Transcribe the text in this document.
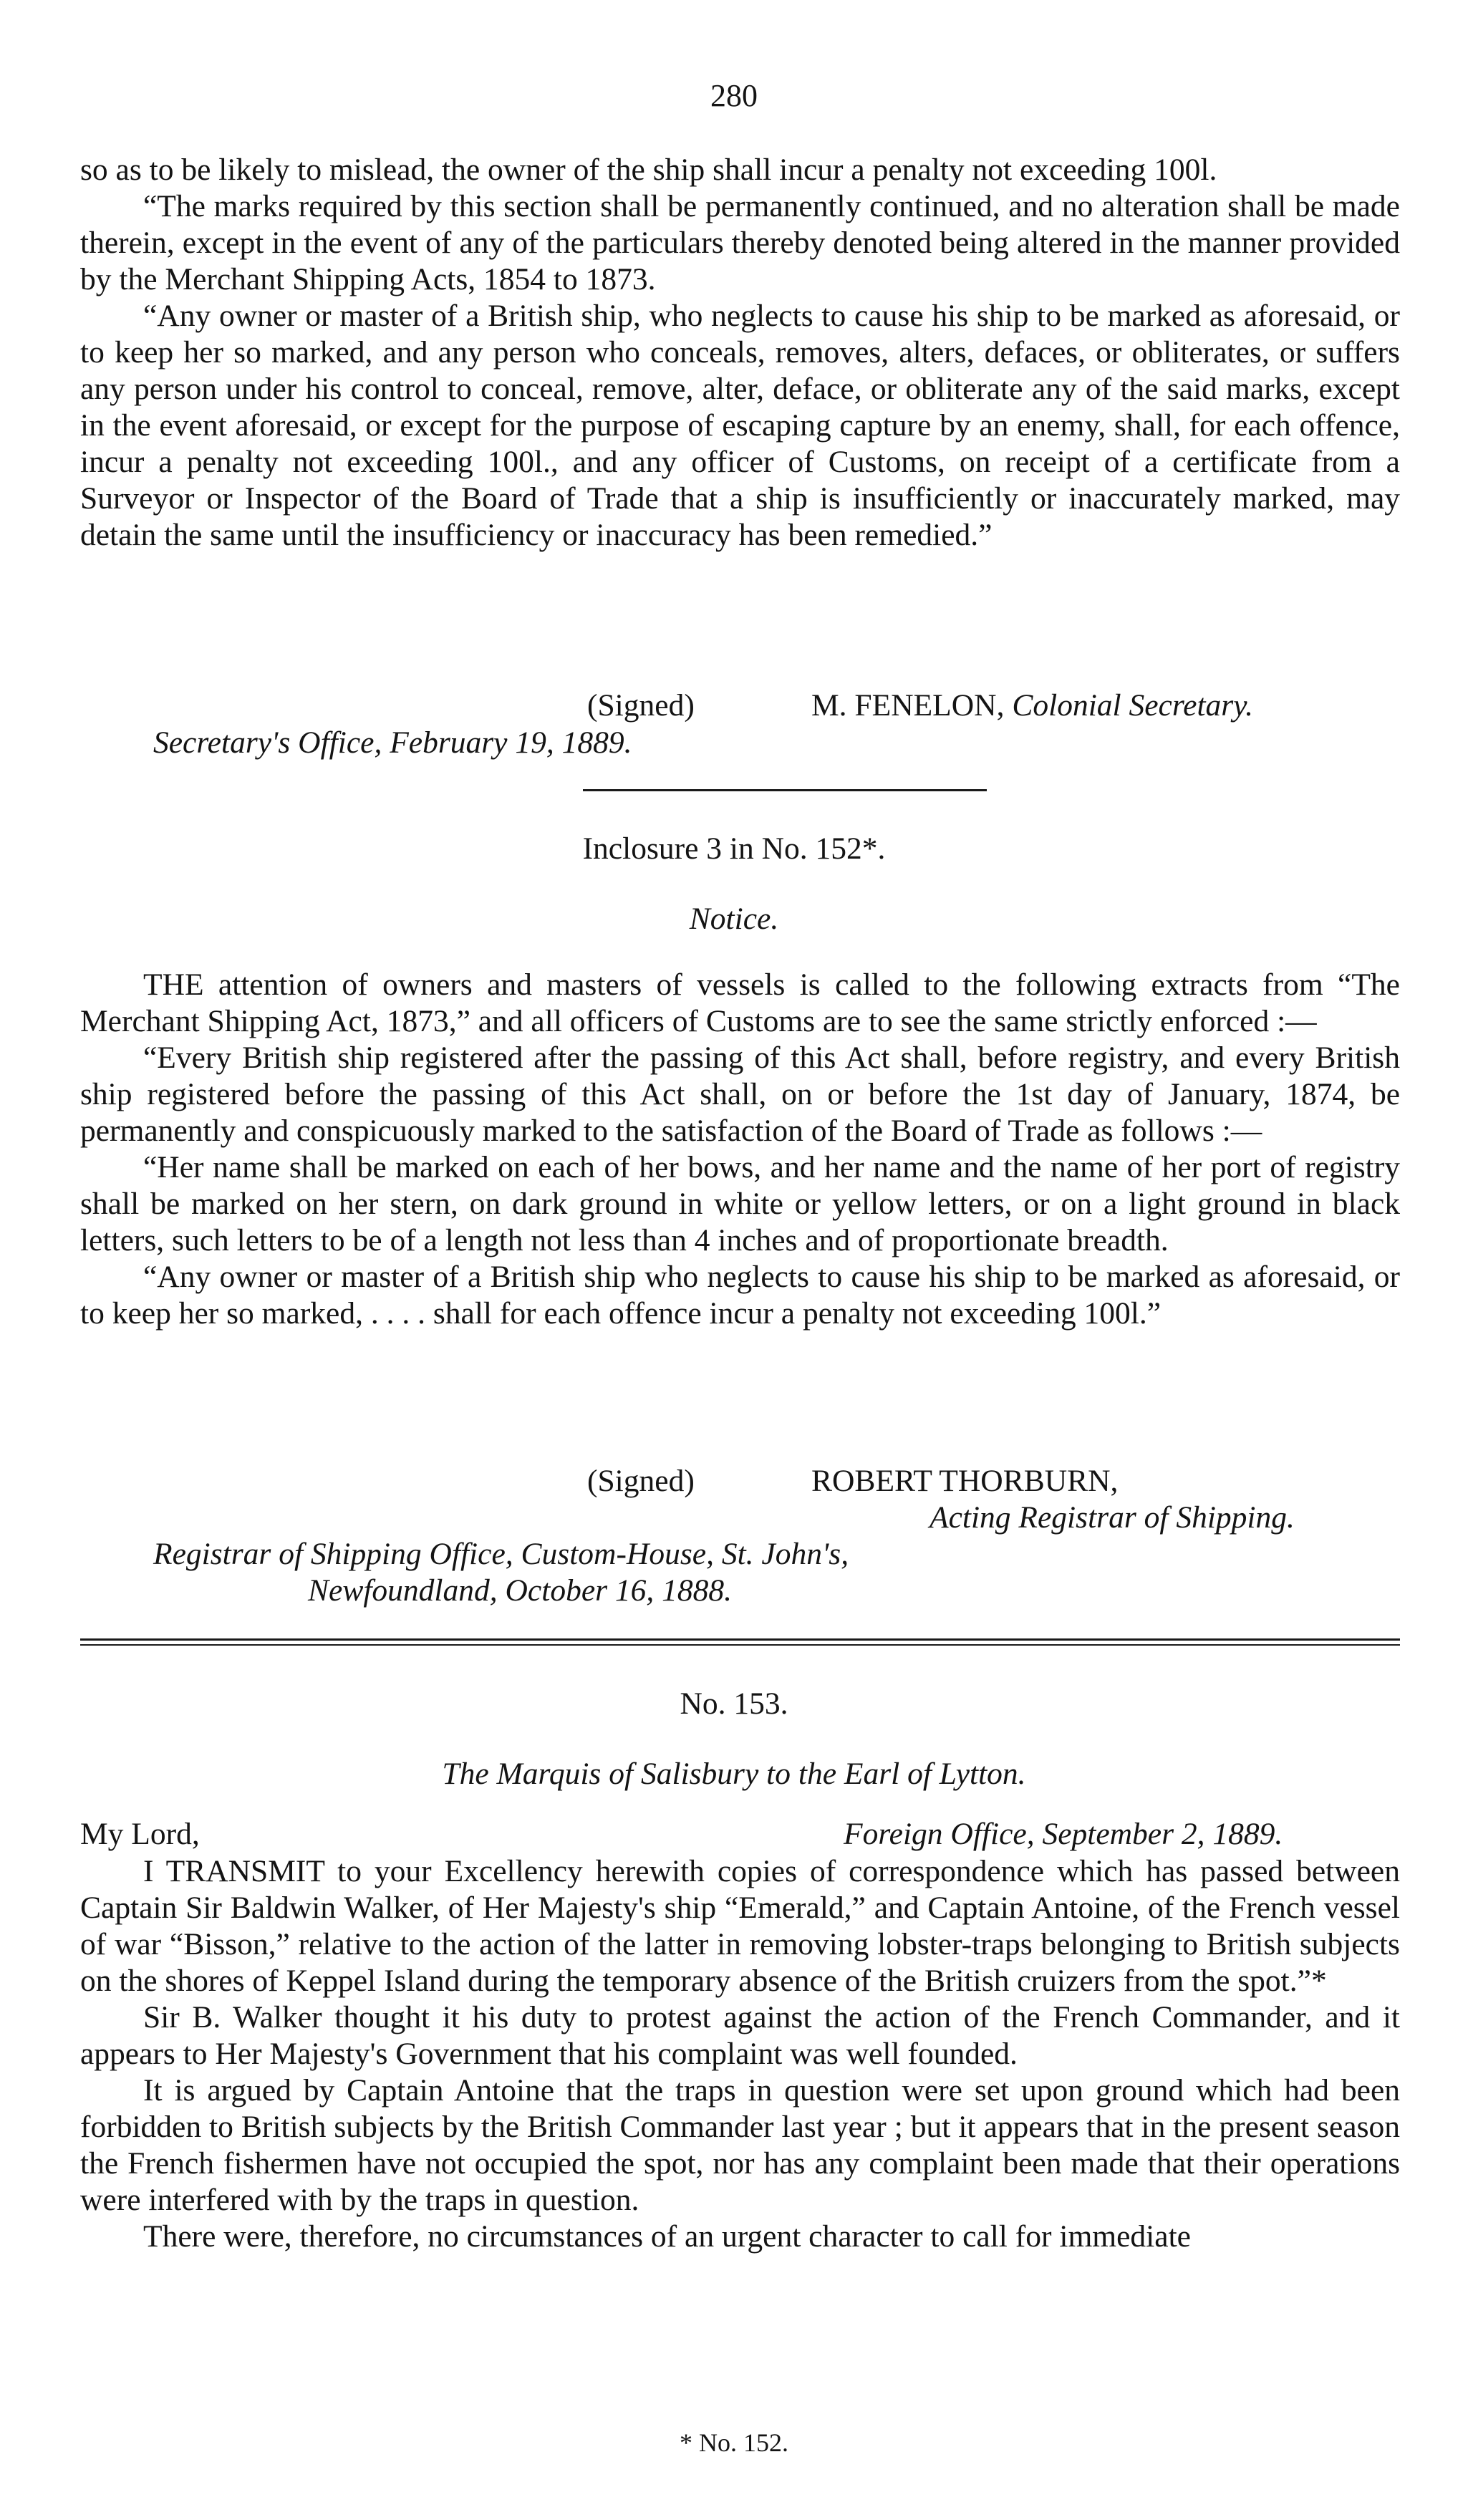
280

so as to be likely to mislead, the owner of the ship shall incur a penalty not exceeding 100l.

“The marks required by this section shall be permanently continued, and no alteration shall be made therein, except in the event of any of the particulars thereby denoted being altered in the manner provided by the Merchant Shipping Acts, 1854 to 1873.

“Any owner or master of a British ship, who neglects to cause his ship to be marked as aforesaid, or to keep her so marked, and any person who conceals, removes, alters, defaces, or obliterates, or suffers any person under his control to conceal, remove, alter, deface, or obliterate any of the said marks, except in the event aforesaid, or except for the purpose of escaping capture by an enemy, shall, for each offence, incur a penalty not exceeding 100l., and any officer of Customs, on receipt of a certificate from a Surveyor or Inspector of the Board of Trade that a ship is insufficiently or inaccurately marked, may detain the same until the insufficiency or inaccuracy has been remedied.”

(Signed)	M. FENELON, Colonial Secretary.
Secretary's Office, February 19, 1889.
Inclosure 3 in No. 152*.
Notice.

THE attention of owners and masters of vessels is called to the following extracts from “The Merchant Shipping Act, 1873,” and all officers of Customs are to see the same strictly enforced :—

“Every British ship registered after the passing of this Act shall, before registry, and every British ship registered before the passing of this Act shall, on or before the 1st day of January, 1874, be permanently and conspicuously marked to the satisfaction of the Board of Trade as follows :—

“Her name shall be marked on each of her bows, and her name and the name of her port of registry shall be marked on her stern, on dark ground in white or yellow letters, or on a light ground in black letters, such letters to be of a length not less than 4 inches and of proportionate breadth.

“Any owner or master of a British ship who neglects to cause his ship to be marked as aforesaid, or to keep her so marked, . . . . shall for each offence incur a penalty not exceeding 100l.”

(Signed)	ROBERT THORBURN,
Acting Registrar of Shipping.
Registrar of Shipping Office, Custom-House, St. John's,
Newfoundland, October 16, 1888.
No. 153.
The Marquis of Salisbury to the Earl of Lytton.
My Lord,	Foreign Office, September 2, 1889.

I TRANSMIT to your Excellency herewith copies of correspondence which has passed between Captain Sir Baldwin Walker, of Her Majesty's ship “Emerald,” and Captain Antoine, of the French vessel of war “Bisson,” relative to the action of the latter in removing lobster-traps belonging to British subjects on the shores of Keppel Island during the temporary absence of the British cruizers from the spot.”*

Sir B. Walker thought it his duty to protest against the action of the French Commander, and it appears to Her Majesty's Government that his complaint was well founded.

It is argued by Captain Antoine that the traps in question were set upon ground which had been forbidden to British subjects by the British Commander last year ; but it appears that in the present season the French fishermen have not occupied the spot, nor has any complaint been made that their operations were interfered with by the traps in question.

There were, therefore, no circumstances of an urgent character to call for immediate

* No. 152.
